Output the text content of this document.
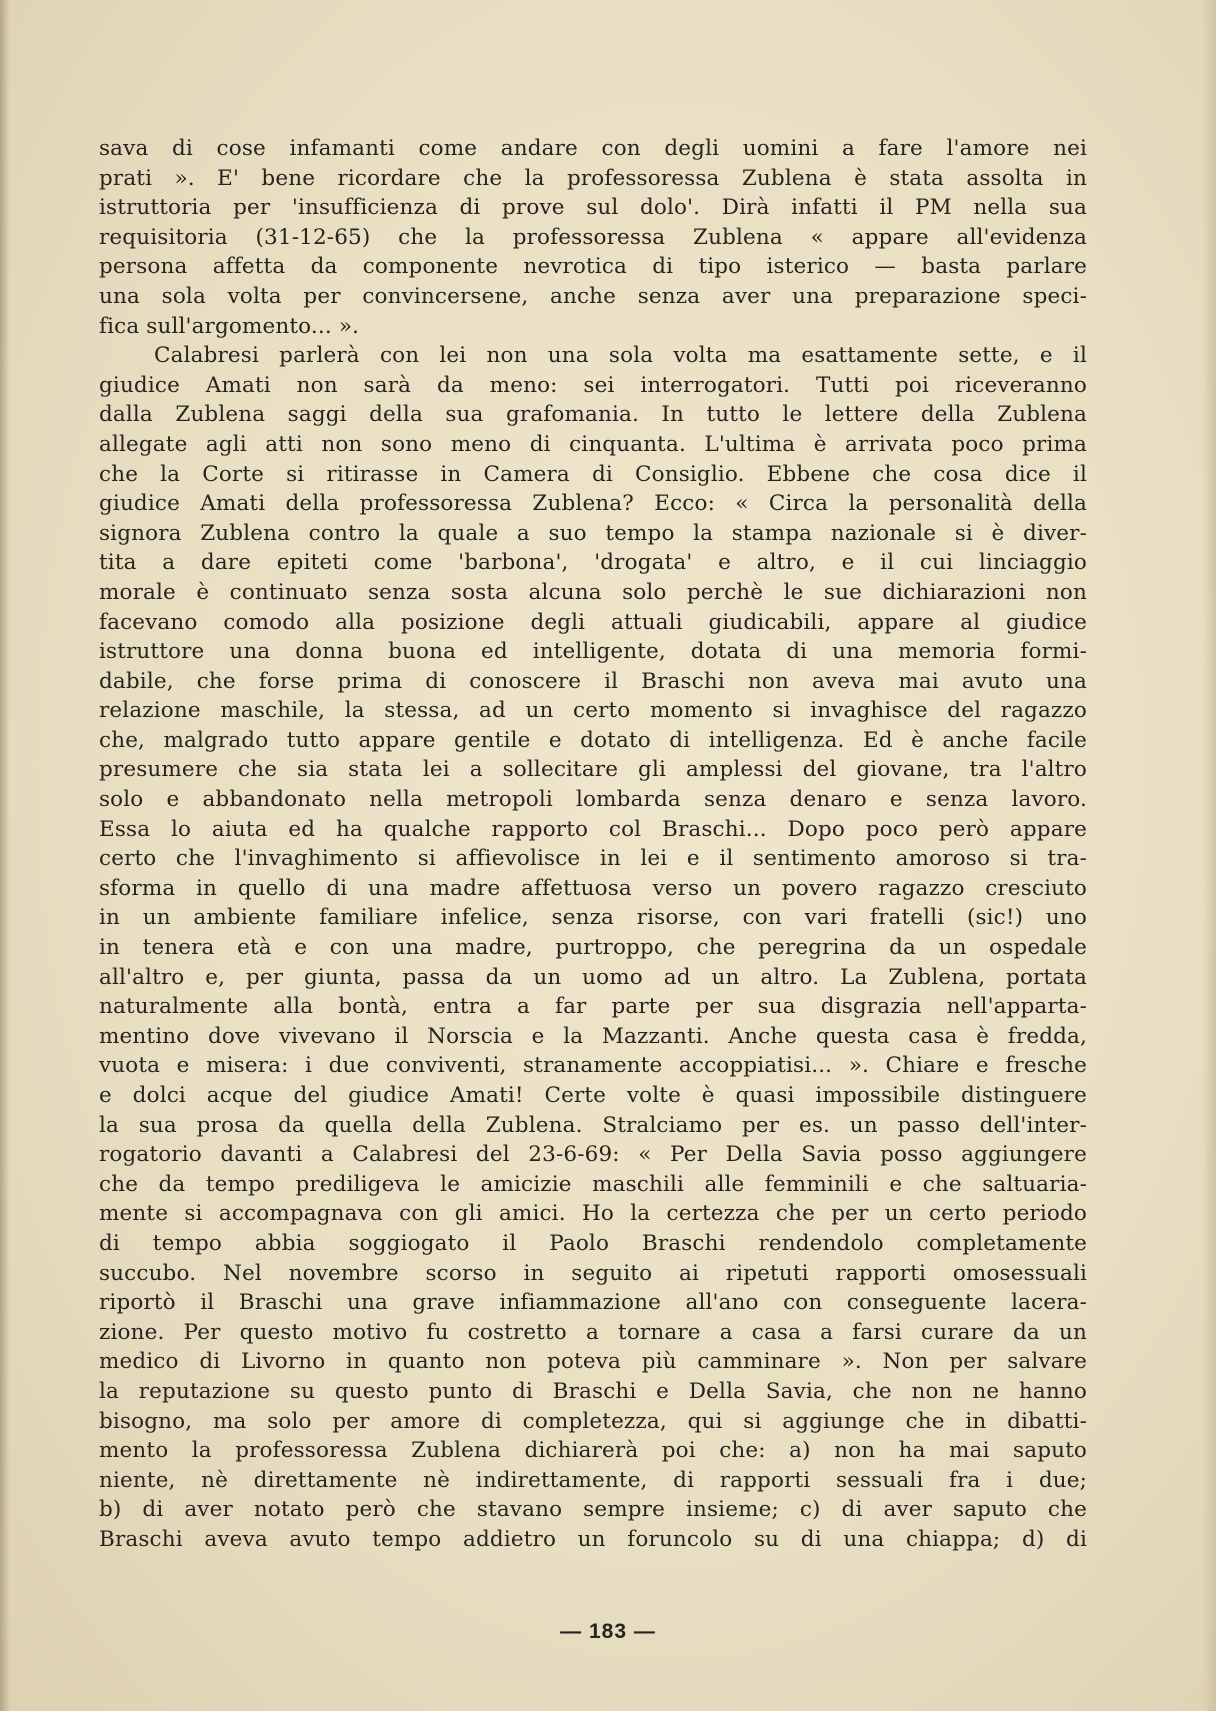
sava di cose infamanti come andare con degli uomini a fare l'amore nei
prati ». E' bene ricordare che la professoressa Zublena è stata assolta in
istruttoria per 'insufficienza di prove sul dolo'. Dirà infatti il PM nella sua
requisitoria (31-12-65) che la professoressa Zublena « appare all'evidenza
persona affetta da componente nevrotica di tipo isterico — basta parlare
una sola volta per convincersene, anche senza aver una preparazione speci-
fica sull'argomento... ».
Calabresi parlerà con lei non una sola volta ma esattamente sette, e il
giudice Amati non sarà da meno: sei interrogatori. Tutti poi riceveranno
dalla Zublena saggi della sua grafomania. In tutto le lettere della Zublena
allegate agli atti non sono meno di cinquanta. L'ultima è arrivata poco prima
che la Corte si ritirasse in Camera di Consiglio. Ebbene che cosa dice il
giudice Amati della professoressa Zublena? Ecco: « Circa la personalità della
signora Zublena contro la quale a suo tempo la stampa nazionale si è diver-
tita a dare epiteti come 'barbona', 'drogata' e altro, e il cui linciaggio
morale è continuato senza sosta alcuna solo perchè le sue dichiarazioni non
facevano comodo alla posizione degli attuali giudicabili, appare al giudice
istruttore una donna buona ed intelligente, dotata di una memoria formi-
dabile, che forse prima di conoscere il Braschi non aveva mai avuto una
relazione maschile, la stessa, ad un certo momento si invaghisce del ragazzo
che, malgrado tutto appare gentile e dotato di intelligenza. Ed è anche facile
presumere che sia stata lei a sollecitare gli amplessi del giovane, tra l'altro
solo e abbandonato nella metropoli lombarda senza denaro e senza lavoro.
Essa lo aiuta ed ha qualche rapporto col Braschi... Dopo poco però appare
certo che l'invaghimento si affievolisce in lei e il sentimento amoroso si tra-
sforma in quello di una madre affettuosa verso un povero ragazzo cresciuto
in un ambiente familiare infelice, senza risorse, con vari fratelli (sic!) uno
in tenera età e con una madre, purtroppo, che peregrina da un ospedale
all'altro e, per giunta, passa da un uomo ad un altro. La Zublena, portata
naturalmente alla bontà, entra a far parte per sua disgrazia nell'apparta-
mentino dove vivevano il Norscia e la Mazzanti. Anche questa casa è fredda,
vuota e misera: i due conviventi, stranamente accoppiatisi... ». Chiare e fresche
e dolci acque del giudice Amati! Certe volte è quasi impossibile distinguere
la sua prosa da quella della Zublena. Stralciamo per es. un passo dell'inter-
rogatorio davanti a Calabresi del 23-6-69: « Per Della Savia posso aggiungere
che da tempo prediligeva le amicizie maschili alle femminili e che saltuaria-
mente si accompagnava con gli amici. Ho la certezza che per un certo periodo
di tempo abbia soggiogato il Paolo Braschi rendendolo completamente
succubo. Nel novembre scorso in seguito ai ripetuti rapporti omosessuali
riportò il Braschi una grave infiammazione all'ano con conseguente lacera-
zione. Per questo motivo fu costretto a tornare a casa a farsi curare da un
medico di Livorno in quanto non poteva più camminare ». Non per salvare
la reputazione su questo punto di Braschi e Della Savia, che non ne hanno
bisogno, ma solo per amore di completezza, qui si aggiunge che in dibatti-
mento la professoressa Zublena dichiarerà poi che: a) non ha mai saputo
niente, nè direttamente nè indirettamente, di rapporti sessuali fra i due;
b) di aver notato però che stavano sempre insieme; c) di aver saputo che
Braschi aveva avuto tempo addietro un foruncolo su di una chiappa; d) di
— 183 —
